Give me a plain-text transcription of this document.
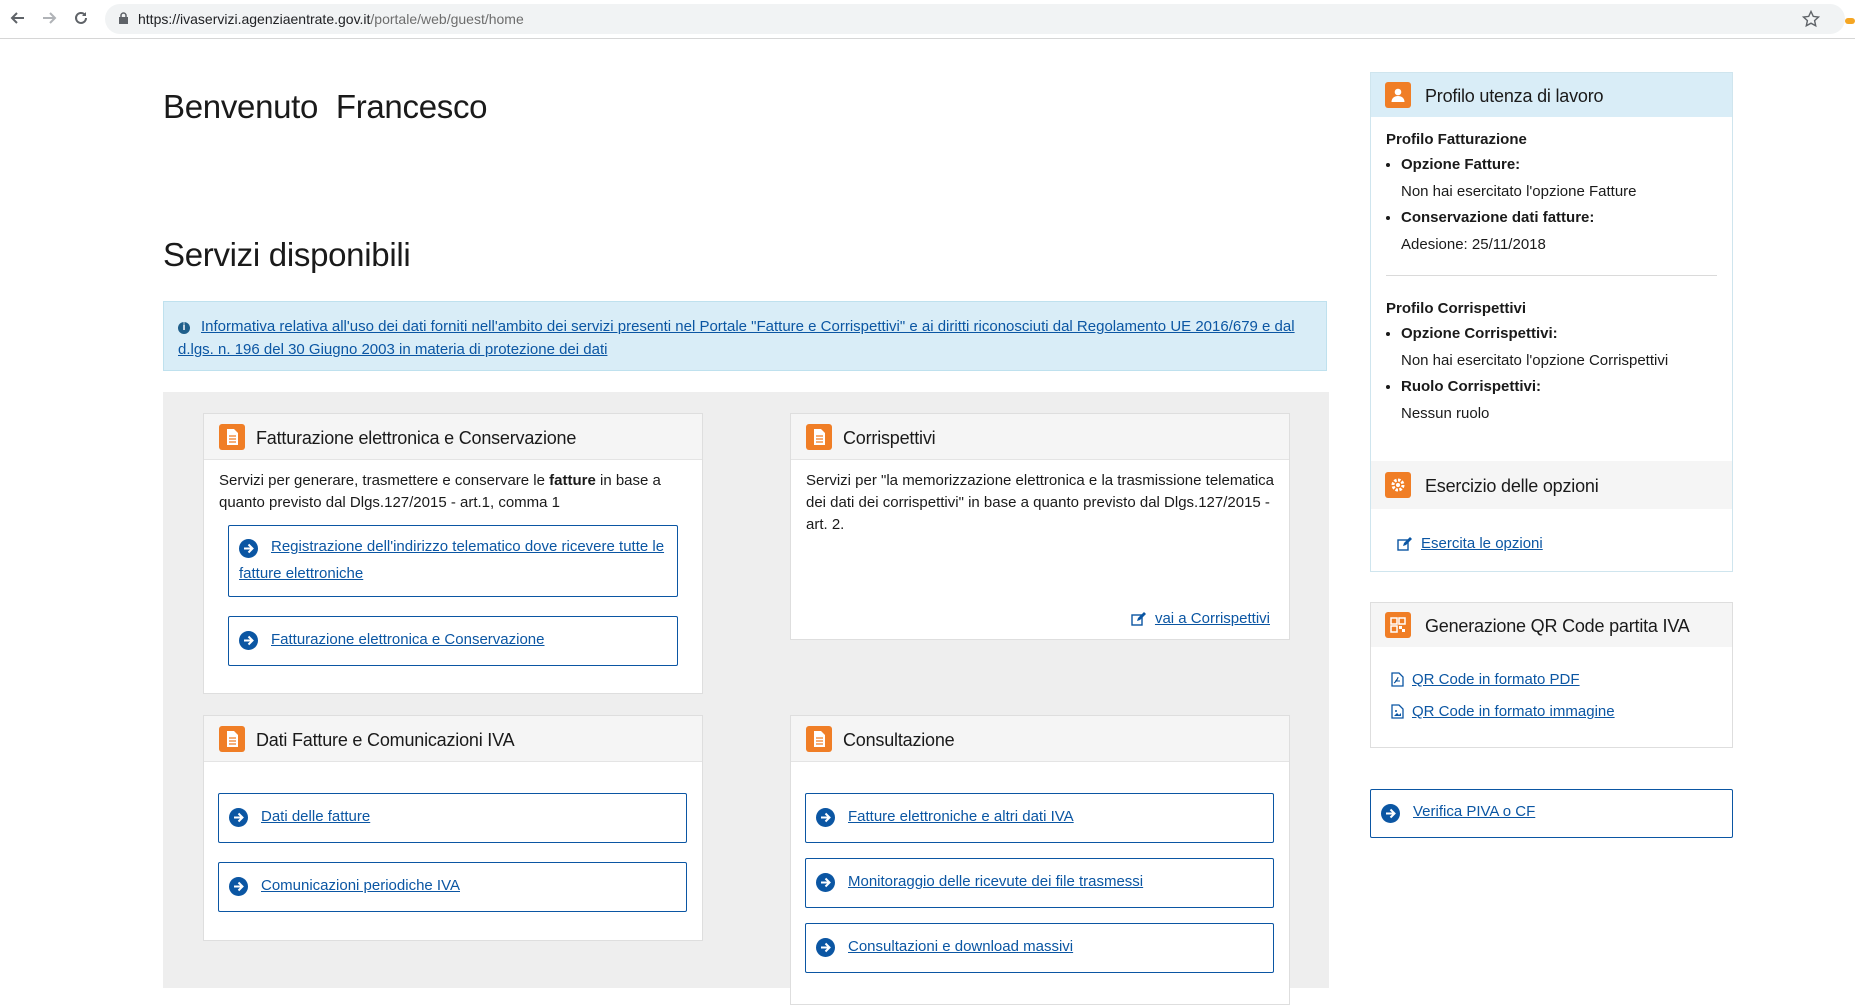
https://ivaservizi.agenziaentrate.gov.it/portale/web/guest/home
Benvenuto  Francesco
Servizi disponibili
i Informativa relativa all'uso dei dati forniti nell'ambito dei servizi presenti nel Portale "Fatture e Corrispettivi" e ai diritti riconosciuti dal Regolamento UE 2016/679 e dal d.lgs. n. 196 del 30 Giugno 2003 in materia di protezione dei dati
Fatturazione elettronica e Conservazione
Servizi per generare, trasmettere e conservare le fatture in base a quanto previsto dal Dlgs.127/2015 - art.1, comma 1
Registrazione dell'indirizzo telematico dove ricevere tutte le fatture elettroniche
Fatturazione elettronica e Conservazione
Corrispettivi
Servizi per "la memorizzazione elettronica e la trasmissione telematica dei dati dei corrispettivi" in base a quanto previsto dal Dlgs.127/2015 - art. 2.
vai a Corrispettivi
Dati Fatture e Comunicazioni IVA
Dati delle fatture
Comunicazioni periodiche IVA
Consultazione
Fatture elettroniche e altri dati IVA
Monitoraggio delle ricevute dei file trasmessi
Consultazioni e download massivi
Profilo utenza di lavoro

Profilo Fatturazione

• Opzione Fatture:
Non hai esercitato l'opzione Fatture
• Conservazione dati fatture:
Adesione: 25/11/2018

Profilo Corrispettivi

• Opzione Corrispettivi:
Non hai esercitato l'opzione Corrispettivi
• Ruolo Corrispettivi:
Nessun ruolo
Esercizio delle opzioni
Esercita le opzioni
Generazione QR Code partita IVA
QR Code in formato PDF
QR Code in formato immagine
Verifica PIVA o CF
